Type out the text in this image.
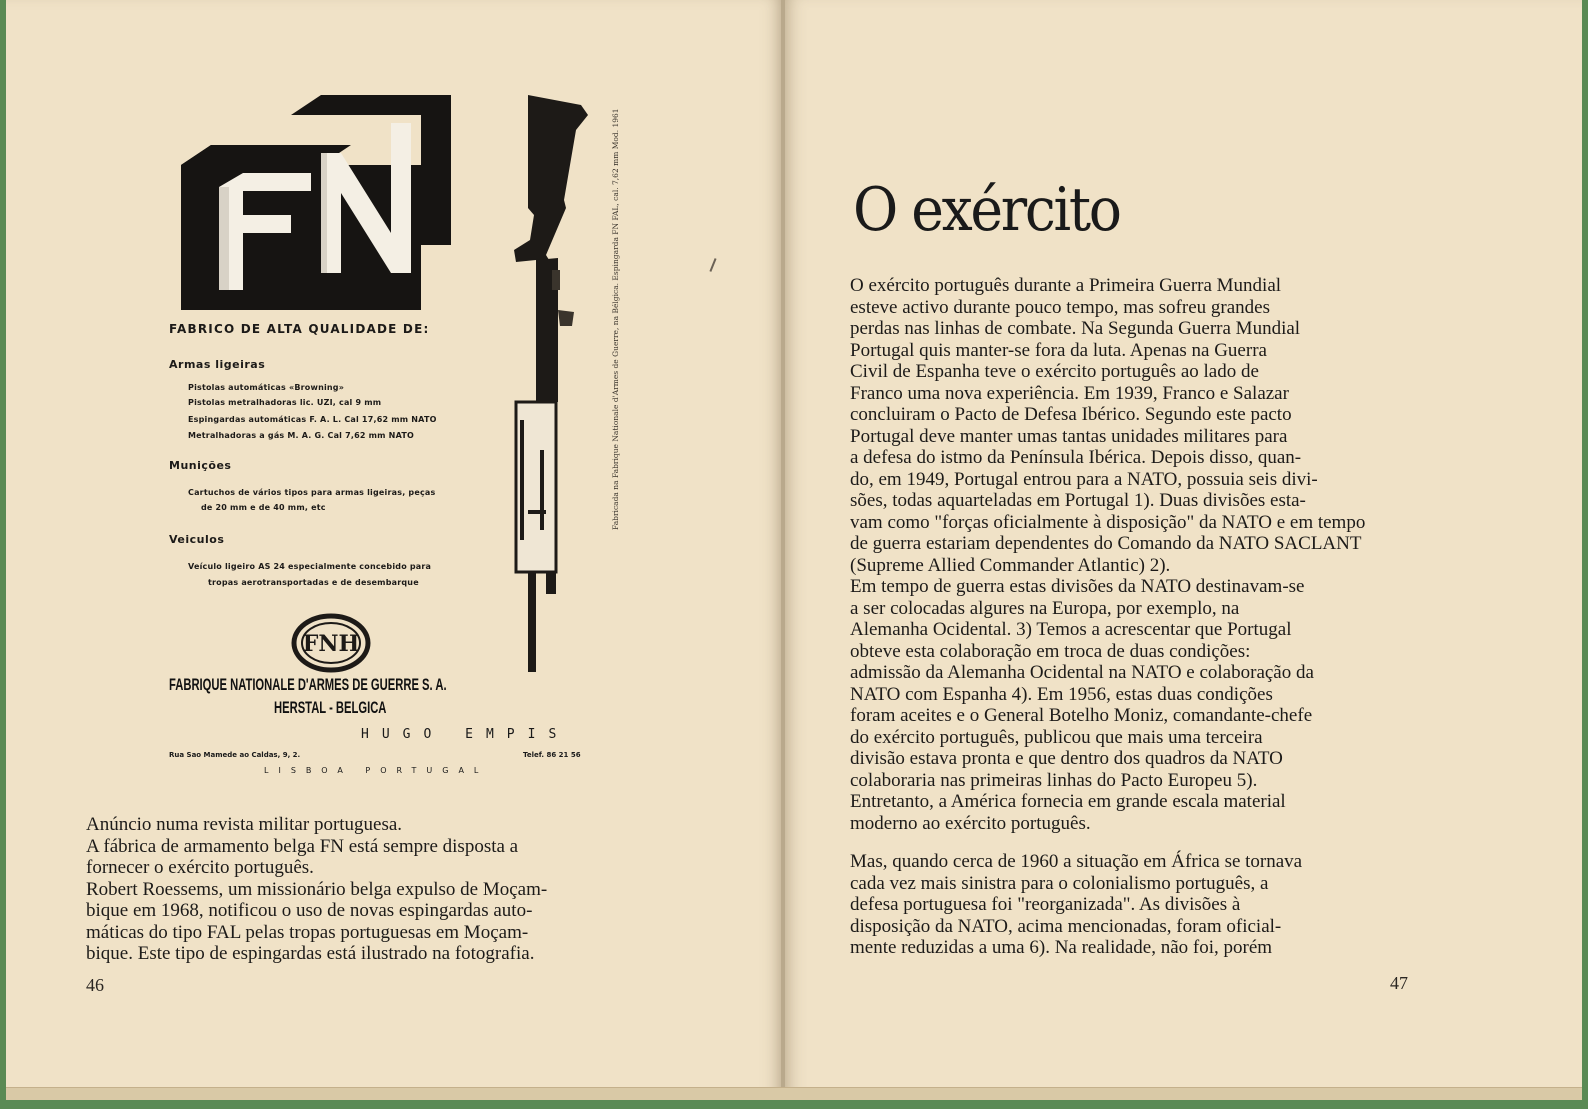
FABRICO DE ALTA QUALIDADE DE:
Armas ligeiras
Pistolas automáticas «Browning»
Pistolas metralhadoras lic. UZI, cal 9 mm
Espingardas automáticas F. A. L. Cal 17,62 mm NATO
Metralhadoras a gás M. A. G. Cal 7,62 mm NATO
Munições
Cartuchos de vários tipos para armas ligeiras, peças
de 20 mm e de 40 mm, etc
Veiculos
Veículo ligeiro AS 24 especialmente concebido para
tropas aerotransportadas e de desembarque
Fabricada na Fabrique Nationale d'Armes de Guerre, na Bélgica. Espingarda FN FAL, cal. 7,62 mm Mod. 1961
FNH
FABRIQUE NATIONALE D'ARMES DE GUERRE S. A.
HERSTAL - BELGICA
HUGO EMPIS
Rua Sao Mamede ao Caldas, 9, 2.	Telef. 86 21 56
LISBOA PORTUGAL
Anúncio numa revista militar portuguesa.
A fábrica de armamento belga FN está sempre disposta a
fornecer o exército português.
Robert Roessems, um missionário belga expulso de Moçam-
bique em 1968, notificou o uso de novas espingardas auto-
máticas do tipo FAL pelas tropas portuguesas em Moçam-
bique. Este tipo de espingardas está ilustrado na fotografia.
46
O exército
O exército português durante a Primeira Guerra Mundial
esteve activo durante pouco tempo, mas sofreu grandes
perdas nas linhas de combate. Na Segunda Guerra Mundial
Portugal quis manter-se fora da luta. Apenas na Guerra
Civil de Espanha teve o exército português ao lado de
Franco uma nova experiência. Em 1939, Franco e Salazar
concluiram o Pacto de Defesa Ibérico. Segundo este pacto
Portugal deve manter umas tantas unidades militares para
a defesa do istmo da Península Ibérica. Depois disso, quan-
do, em 1949, Portugal entrou para a NATO, possuia seis divi-
sões, todas aquarteladas em Portugal 1). Duas divisões esta-
vam como "forças oficialmente à disposição" da NATO e em tempo
de guerra estariam dependentes do Comando da NATO SACLANT
(Supreme Allied Commander Atlantic) 2).
Em tempo de guerra estas divisões da NATO destinavam-se
a ser colocadas algures na Europa, por exemplo, na
Alemanha Ocidental. 3) Temos a acrescentar que Portugal
obteve esta colaboração em troca de duas condições:
admissão da Alemanha Ocidental na NATO e colaboração da
NATO com Espanha 4). Em 1956, estas duas condições
foram aceites e o General Botelho Moniz, comandante-chefe
do exército português, publicou que mais uma terceira
divisão estava pronta e que dentro dos quadros da NATO
colaboraria nas primeiras linhas do Pacto Europeu 5).
Entretanto, a América fornecia em grande escala material
moderno ao exército português.
Mas, quando cerca de 1960 a situação em África se tornava
cada vez mais sinistra para o colonialismo português, a
defesa portuguesa foi "reorganizada". As divisões à
disposição da NATO, acima mencionadas, foram oficial-
mente reduzidas a uma 6). Na realidade, não foi, porém
47
